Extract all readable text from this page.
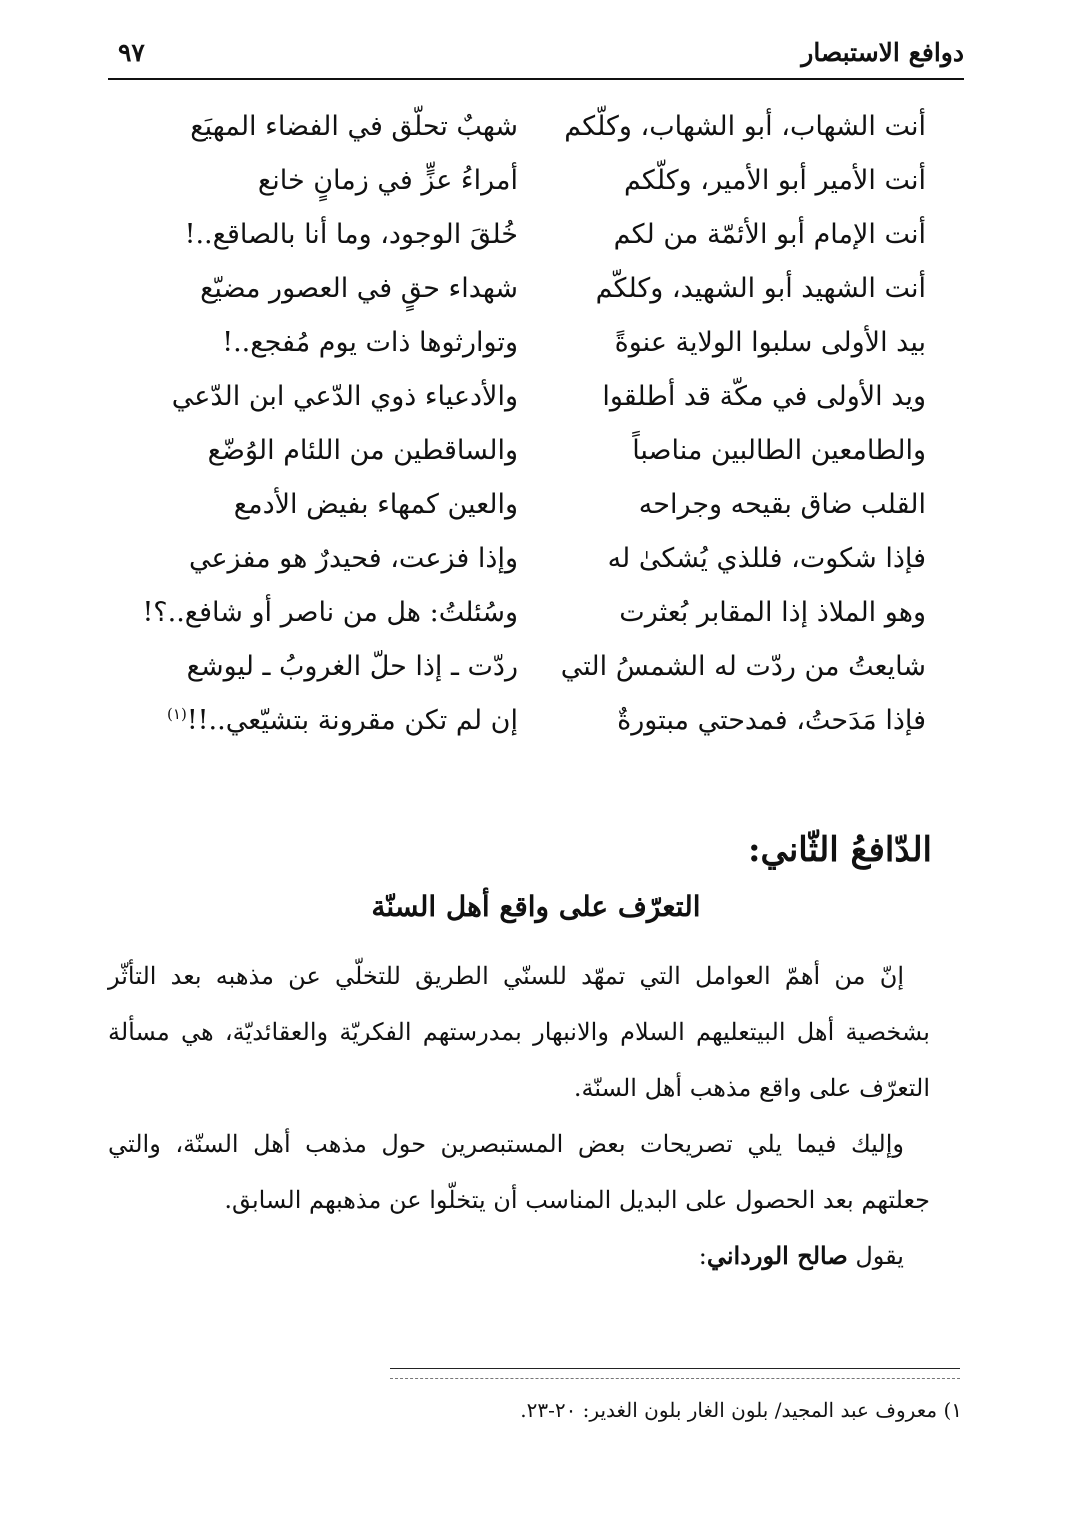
دوافع الاستبصار
٩٧
أنت الشهاب، أبو الشهاب، وكلّكم
شهبٌ تحلّق في الفضاء المهيَع
أنت الأمير أبو الأمير، وكلّكم
أمراءُ عزٍّ في زمانٍ خانع
أنت الإمام أبو الأئمّة من لكم
خُلقَ الوجود، وما أنا بالصاقع..!
أنت الشهيد أبو الشهيد، وكلكّم
شهداء حقٍ في العصور مضيّع
بيد الأولى سلبوا الولاية عنوةً
وتوارثوها ذات يوم مُفجع..!
ويد الأولى في مكّة قد أطلقوا
والأدعياء ذوي الدّعي ابن الدّعي
والطامعين الطالبين مناصباً
والساقطين من اللئام الوُضّع
القلب ضاق بقيحه وجراحه
والعين كمهاء بفيض الأدمع
فإذا شكوت، فللذي يُشكىٰ له
وإذا فزعت، فحيدرٌ هو مفزعي
وهو الملاذ إذا المقابر بُعثرت
وسُئلتُ: هل من ناصر أو شافع..؟!
شايعتُ من ردّت له الشمسُ التي
ردّت ـ إذا حلّ الغروبُ ـ ليوشع
فإذا مَدَحتُ، فمدحتي مبتورةٌ
إن لم تكن مقرونة بتشيّعي..!!$^{(١)}$
الدّافعُ الثّاني:
التعرّف على واقع أهل السنّة

إنّ من أهمّ العوامل التي تمهّد للسنّي الطريق للتخلّي عن مذهبه بعد التأثّر بشخصية أهل البيتعليهم السلام والانبهار بمدرستهم الفكريّة والعقائديّة، هي مسألة التعرّف على واقع مذهب أهل السنّة.

وإليك فيما يلي تصريحات بعض المستبصرين حول مذهب أهل السنّة، والتي جعلتهم بعد الحصول على البديل المناسب أن يتخلّوا عن مذهبهم السابق.

يقول صالح الورداني:

١) معروف عبد المجيد/ بلون الغار بلون الغدير: ٢٠-٢٣.
